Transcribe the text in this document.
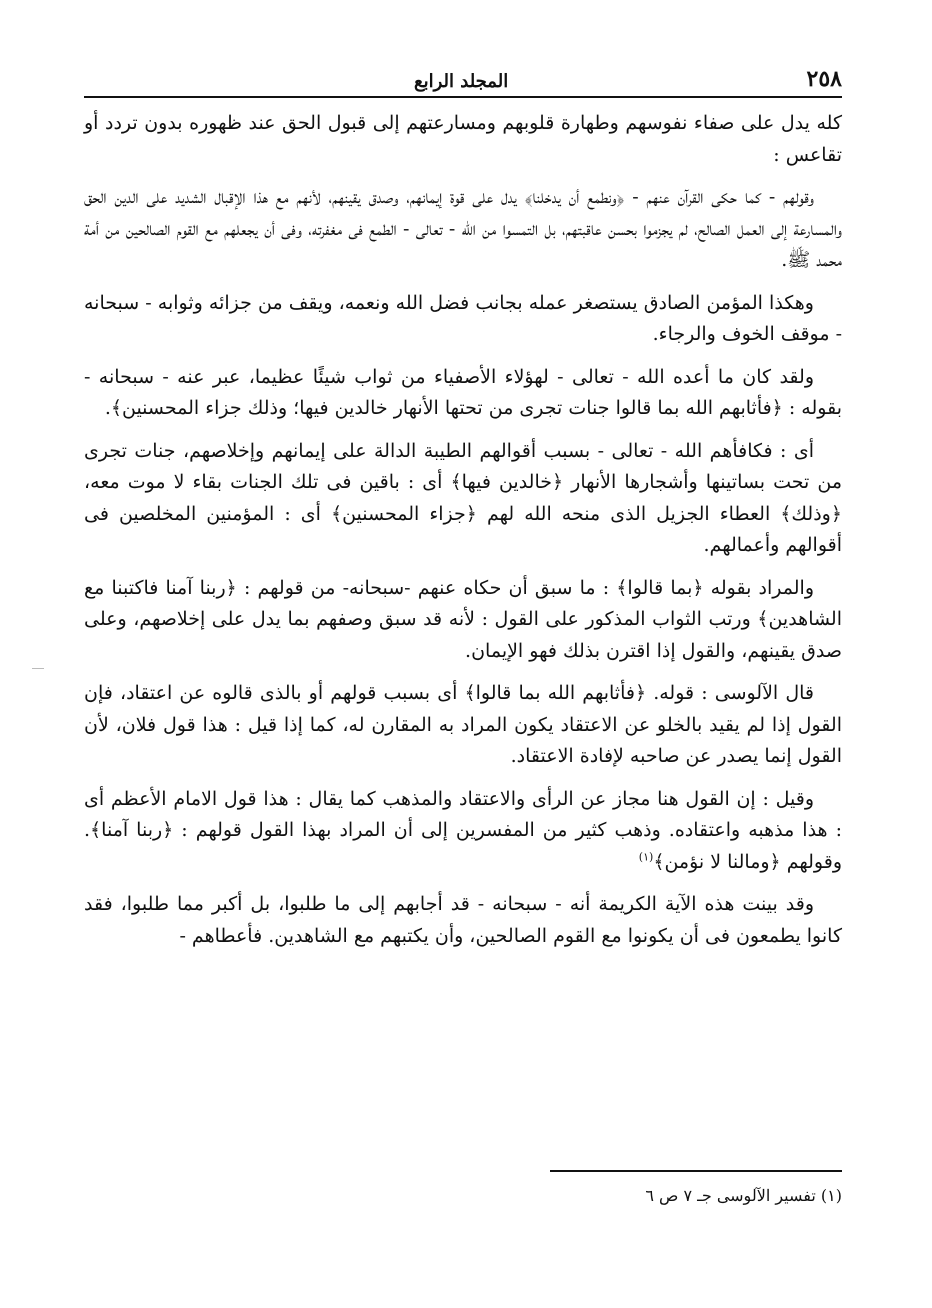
٢٥٨
المجلد الرابع

كله يدل على صفاء نفوسهم وطهارة قلوبهم ومسارعتهم إلى قبول الحق عند ظهوره بدون تردد أو تقاعس :

وقولهم - كما حكى القرآن عنهم - ﴿ونطمع أن يدخلنا﴾ يدل على قوة إيمانهم، وصدق يقينهم، لأنهم مع هذا الإقبال الشديد على الدين الحق والمسارعة إلى العمل الصالح، لم يجزموا بحسن عاقبتهم، بل التمسوا من الله - تعالى - الطمع فى مغفرته، وفى أن يجعلهم مع القوم الصالحين من أمة محمد ﷺ.

وهكذا المؤمن الصادق يستصغر عمله بجانب فضل الله ونعمه، ويقف من جزائه وثوابه - سبحانه - موقف الخوف والرجاء.

ولقد كان ما أعده الله - تعالى - لهؤلاء الأصفياء من ثواب شيئًا عظيما، عبر عنه - سبحانه - بقوله : ﴿فأثابهم الله بما قالوا جنات تجرى من تحتها الأنهار خالدين فيها؛ وذلك جزاء المحسنين﴾.

أى : فكافأهم الله - تعالى - بسبب أقوالهم الطيبة الدالة على إيمانهم وإخلاصهم، جنات تجرى من تحت بساتينها وأشجارها الأنهار ﴿خالدين فيها﴾ أى : باقين فى تلك الجنات بقاء لا موت معه، ﴿وذلك﴾ العطاء الجزيل الذى منحه الله لهم ﴿جزاء المحسنين﴾ أى : المؤمنين المخلصين فى أقوالهم وأعمالهم.

والمراد بقوله ﴿بما قالوا﴾ : ما سبق أن حكاه عنهم -سبحانه- من قولهم : ﴿ربنا آمنا فاكتبنا مع الشاهدين﴾ ورتب الثواب المذكور على القول : لأنه قد سبق وصفهم بما يدل على إخلاصهم، وعلى صدق يقينهم، والقول إذا اقترن بذلك فهو الإيمان.

قال الآلوسى : قوله. ﴿فأثابهم الله بما قالوا﴾ أى بسبب قولهم أو بالذى قالوه عن اعتقاد، فإن القول إذا لم يقيد بالخلو عن الاعتقاد يكون المراد به المقارن له، كما إذا قيل : هذا قول فلان، لأن القول إنما يصدر عن صاحبه لإفادة الاعتقاد.

وقيل : إن القول هنا مجاز عن الرأى والاعتقاد والمذهب كما يقال : هذا قول الامام الأعظم أى : هذا مذهبه واعتقاده. وذهب كثير من المفسرين إلى أن المراد بهذا القول قولهم : ﴿ربنا آمنا﴾. وقولهم ﴿ومالنا لا نؤمن﴾$^{(١)}$

وقد بينت هذه الآية الكريمة أنه - سبحانه - قد أجابهم إلى ما طلبوا، بل أكبر مما طلبوا، فقد كانوا يطمعون فى أن يكونوا مع القوم الصالحين، وأن يكتبهم مع الشاهدين. فأعطاهم -

(١) تفسير الآلوسى جـ ٧ ص ٦
